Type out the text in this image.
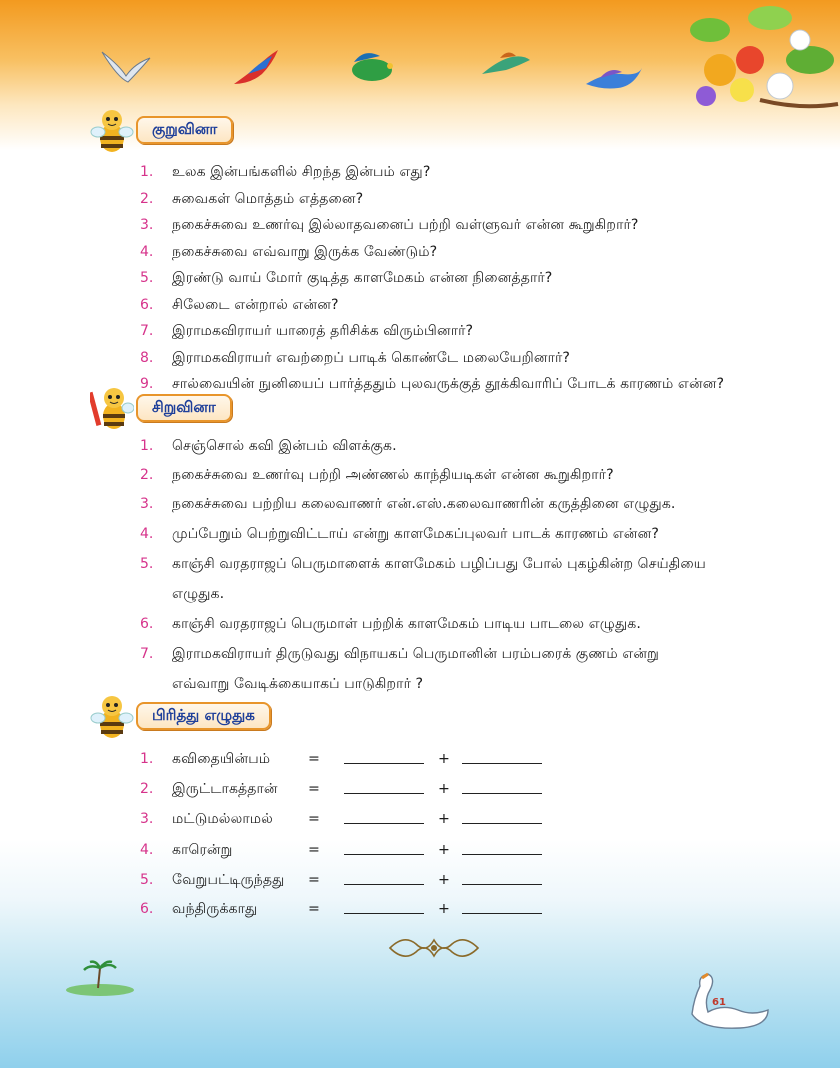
குறுவினா
1. உலக இன்பங்களில் சிறந்த இன்பம் எது?
2. சுவைகள் மொத்தம் எத்தனை?
3. நகைச்சுவை உணர்வு இல்லாதவனைப் பற்றி வள்ளுவர் என்ன கூறுகிறார்?
4. நகைச்சுவை எவ்வாறு இருக்க வேண்டும்?
5. இரண்டு வாய் மோர் குடித்த காளமேகம் என்ன நினைத்தார்?
6. சிலேடை என்றால் என்ன?
7. இராமகவிராயர் யாரைத் தரிசிக்க விரும்பினார்?
8. இராமகவிராயர் எவற்றைப் பாடிக் கொண்டே மலையேறினார்?
9. சால்வையின் நுனியைப் பார்த்ததும் புலவருக்குத் தூக்கிவாரிப் போடக் காரணம் என்ன?
சிறுவினா
1. செஞ்சொல் கவி இன்பம் விளக்குக.
2. நகைச்சுவை உணர்வு பற்றி அண்ணல் காந்தியடிகள் என்ன கூறுகிறார்?
3. நகைச்சுவை பற்றிய கலைவாணர் என்.எஸ்.கலைவாணரின் கருத்தினை எழுதுக.
4. முப்பேறும் பெற்றுவிட்டாய் என்று காளமேகப்புலவர் பாடக் காரணம் என்ன?
5. காஞ்சி வரதராஜப் பெருமாளைக் காளமேகம் பழிப்பது போல் புகழ்கின்ற செய்தியை
எழுதுக.
6. காஞ்சி வரதராஜப் பெருமாள் பற்றிக் காளமேகம் பாடிய பாடலை எழுதுக.
7. இராமகவிராயர் திருடுவது விநாயகப் பெருமானின் பரம்பரைக் குணம் என்று
எவ்வாறு வேடிக்கையாகப் பாடுகிறார் ?
பிரித்து எழுதுக
1. கவிதையின்பம்	=	+
2. இருட்டாகத்தான் =	+
3. மட்டுமல்லாமல் =	+
4. காரென்று	=	+
5. வேறுபட்டிருந்தது =	+
6. வந்திருக்காது	=	+
61
